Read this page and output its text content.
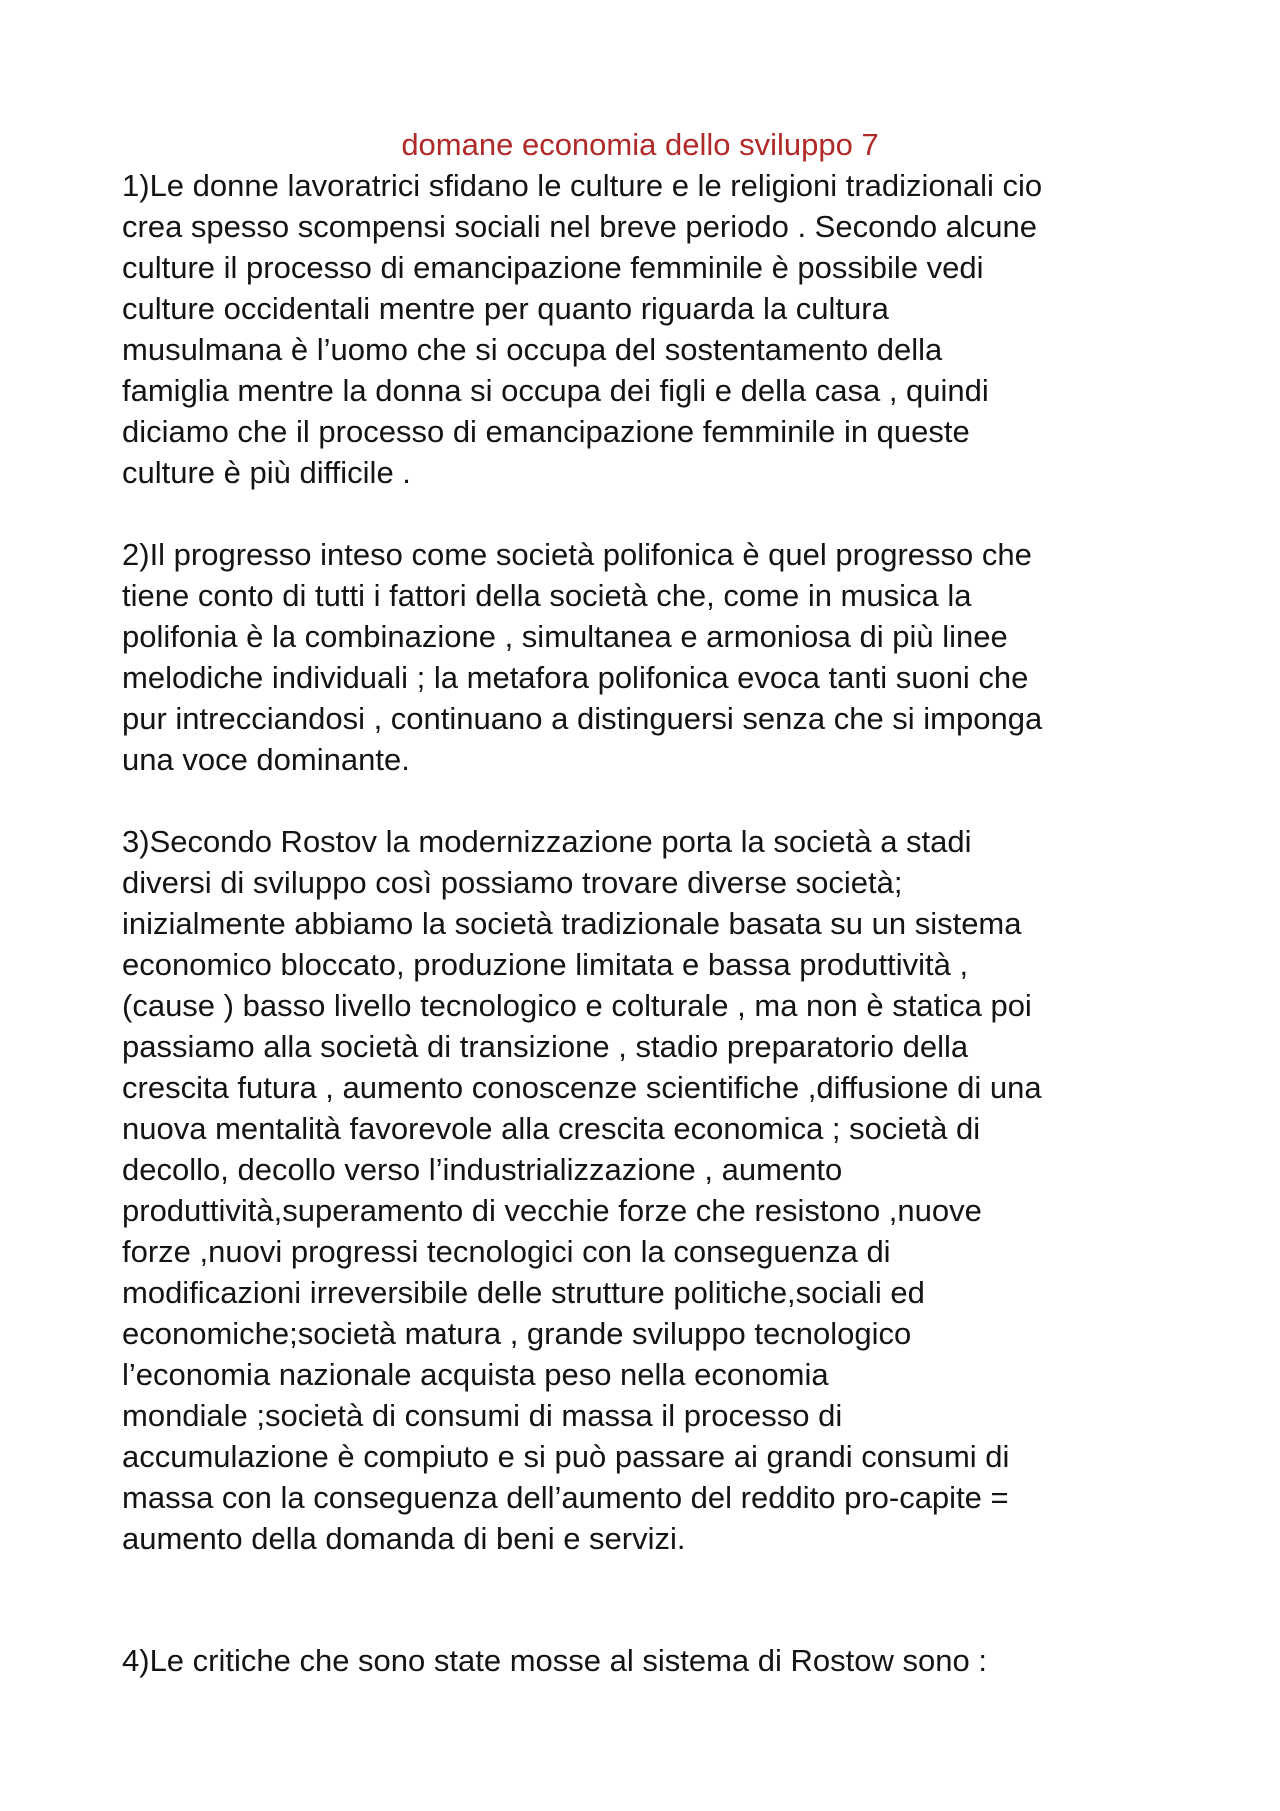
domane economia dello sviluppo 7

1)Le donne lavoratrici sfidano le culture e le religioni tradizionali cio
crea spesso scompensi sociali nel breve periodo . Secondo alcune
culture il processo di emancipazione femminile è possibile vedi
culture occidentali mentre per quanto riguarda la cultura
musulmana è l’uomo che si occupa del sostentamento della
famiglia mentre la donna si occupa dei figli e della casa , quindi
diciamo che il processo di emancipazione femminile in queste
culture è più difficile .

2)Il progresso inteso come società polifonica è quel progresso che
tiene conto di tutti i fattori della società che, come in musica la
polifonia è la combinazione , simultanea e armoniosa di più linee
melodiche individuali ; la metafora polifonica evoca tanti suoni che
pur intrecciandosi , continuano a distinguersi senza che si imponga
una voce dominante.

3)Secondo Rostov la modernizzazione porta la società a stadi
diversi di sviluppo così possiamo trovare diverse società;
inizialmente abbiamo la società tradizionale basata su un sistema
economico bloccato, produzione limitata e bassa produttività ,
(cause ) basso livello tecnologico e colturale , ma non è statica poi
passiamo alla società di transizione , stadio preparatorio della
crescita futura , aumento conoscenze scientifiche ,diffusione di una
nuova mentalità favorevole alla crescita economica ; società di
decollo, decollo verso l’industrializzazione , aumento
produttività,superamento di vecchie forze che resistono ,nuove
forze ,nuovi progressi tecnologici con la conseguenza di
modificazioni irreversibile delle strutture politiche,sociali ed
economiche;società matura , grande sviluppo tecnologico
l’economia nazionale acquista peso nella economia
mondiale ;società di consumi di massa il processo di
accumulazione è compiuto e si può passare ai grandi consumi di
massa con la conseguenza dell’aumento del reddito pro-capite =
aumento della domanda di beni e servizi.

4)Le critiche che sono state mosse al sistema di Rostow sono :
